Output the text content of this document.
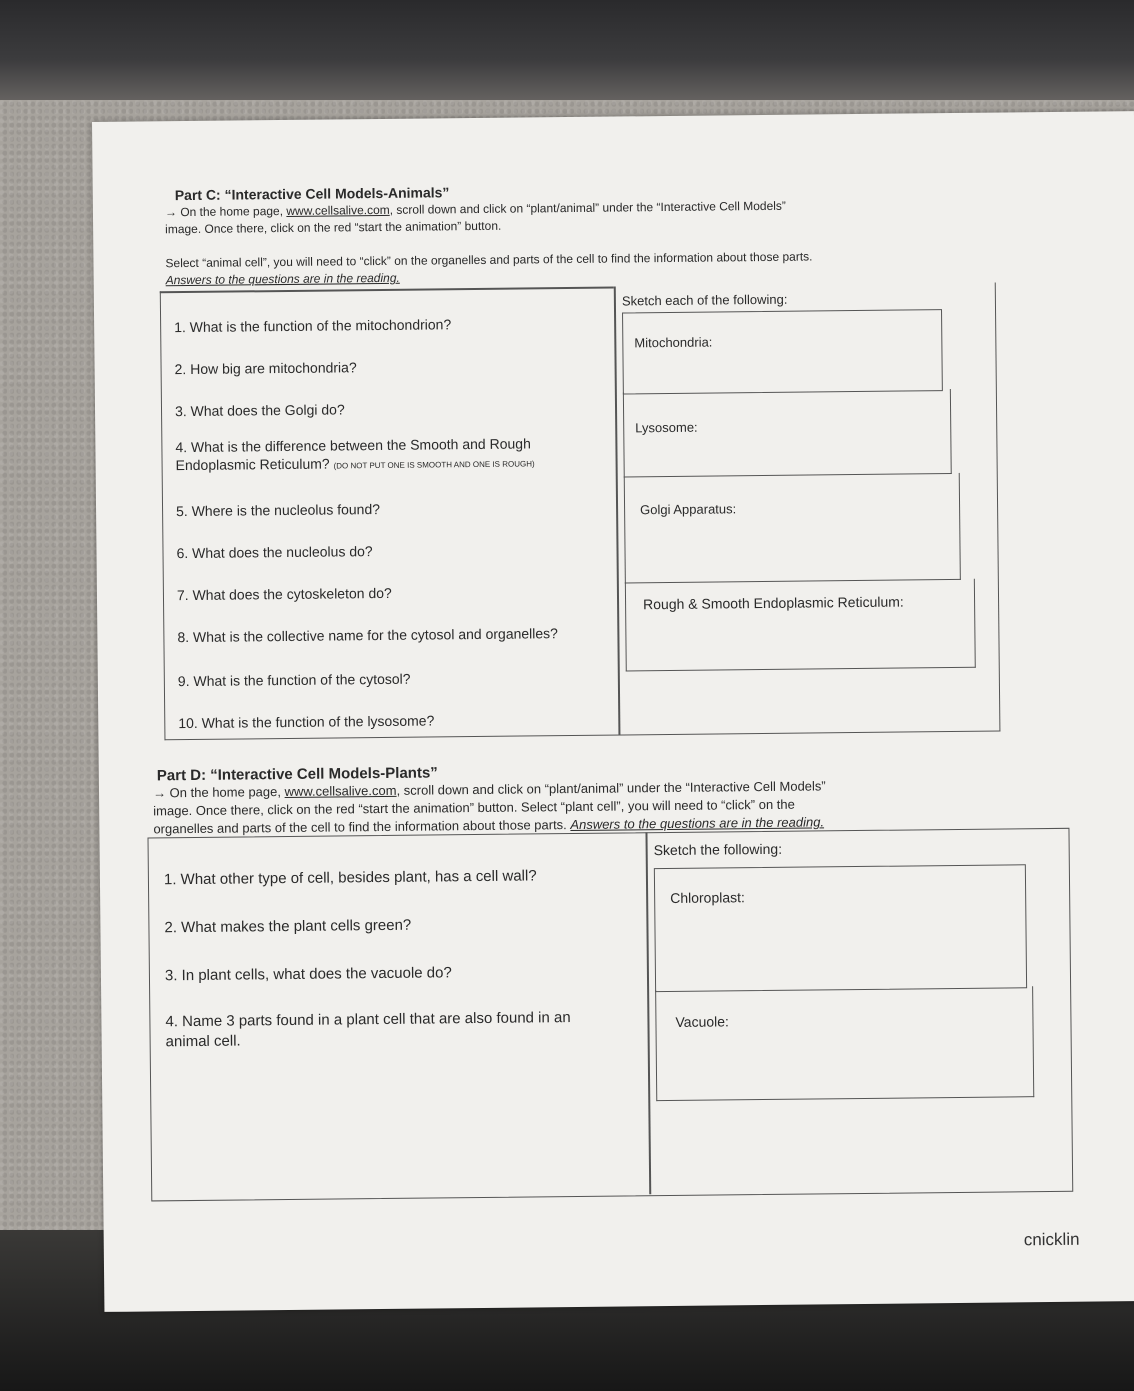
Part C: “Interactive Cell Models-Animals”
→ On the home page, www.cellsalive.com, scroll down and click on “plant/animal” under the “Interactive Cell Models”
image. Once there, click on the red “start the animation” button.
Select “animal cell”, you will need to “click” on the organelles and parts of the cell to find the information about those parts.
Answers to the questions are in the reading.
1. What is the function of the mitochondrion?
2. How big are mitochondria?
3. What does the Golgi do?
4. What is the difference between the Smooth and Rough
Endoplasmic Reticulum? (DO NOT PUT ONE IS SMOOTH AND ONE IS ROUGH)
5. Where is the nucleolus found?
6. What does the nucleolus do?
7. What does the cytoskeleton do?
8. What is the collective name for the cytosol and organelles?
9. What is the function of the cytosol?
10. What is the function of the lysosome?
Sketch each of the following:
Mitochondria:
Lysosome:
Golgi Apparatus:
Rough & Smooth Endoplasmic Reticulum:
Part D: “Interactive Cell Models-Plants”
→ On the home page, www.cellsalive.com, scroll down and click on “plant/animal” under the “Interactive Cell Models”
image. Once there, click on the red “start the animation” button. Select “plant cell”, you will need to “click” on the
organelles and parts of the cell to find the information about those parts. Answers to the questions are in the reading.
1. What other type of cell, besides plant, has a cell wall?
2. What makes the plant cells green?
3. In plant cells, what does the vacuole do?
4. Name 3 parts found in a plant cell that are also found in an
animal cell.
Sketch the following:
Chloroplast:
Vacuole:
cnicklin
